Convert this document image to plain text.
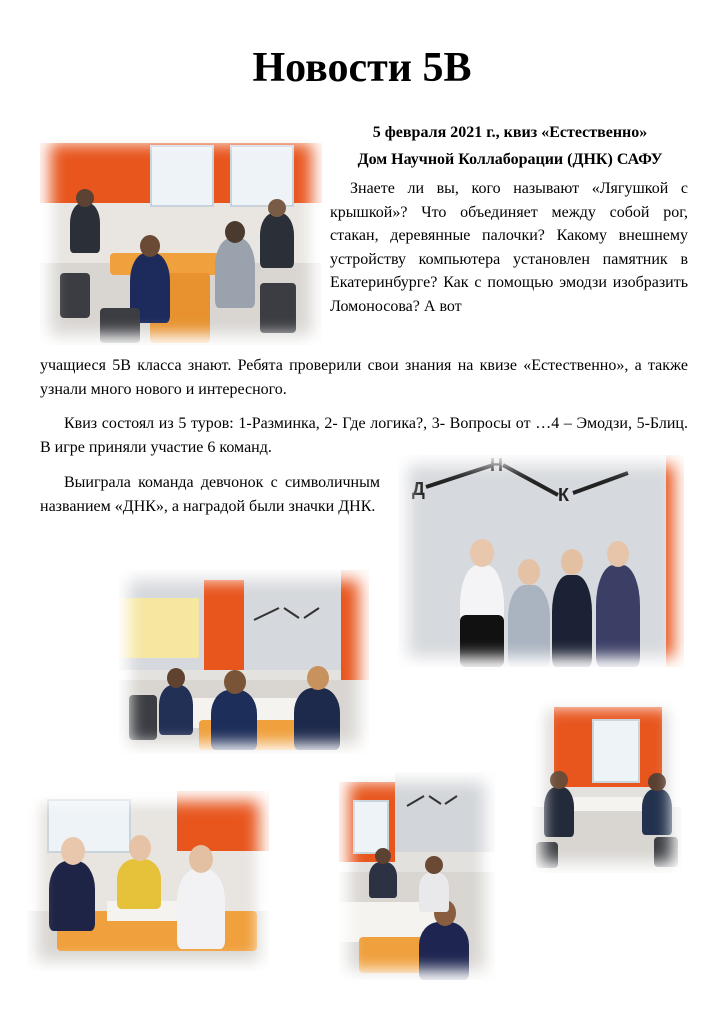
Новости 5В
5 февраля 2021 г., квиз «Естественно»
Дом Научной Коллаборации (ДНК) САФУ
Знаете ли вы, кого называют «Лягушкой с крышкой»? Что объединяет между собой рог, стакан, деревянные палочки? Какому внешнему устройству компьютера установлен памятник в Екатеринбурге? Как с помощью эмодзи изобразить Ломоносова? А вот
учащиеся 5В класса знают. Ребята проверили свои знания на квизе «Естественно», а также узнали много нового и интересного.
Квиз состоял из 5 туров: 1-Разминка, 2- Где логика?, 3- Вопросы от …4 – Эмодзи, 5-Блиц. В игре приняли участие 6 команд.
Выиграла команда девчонок с символичным названием «ДНК», а наградой были значки ДНК.
Д
Н
К
